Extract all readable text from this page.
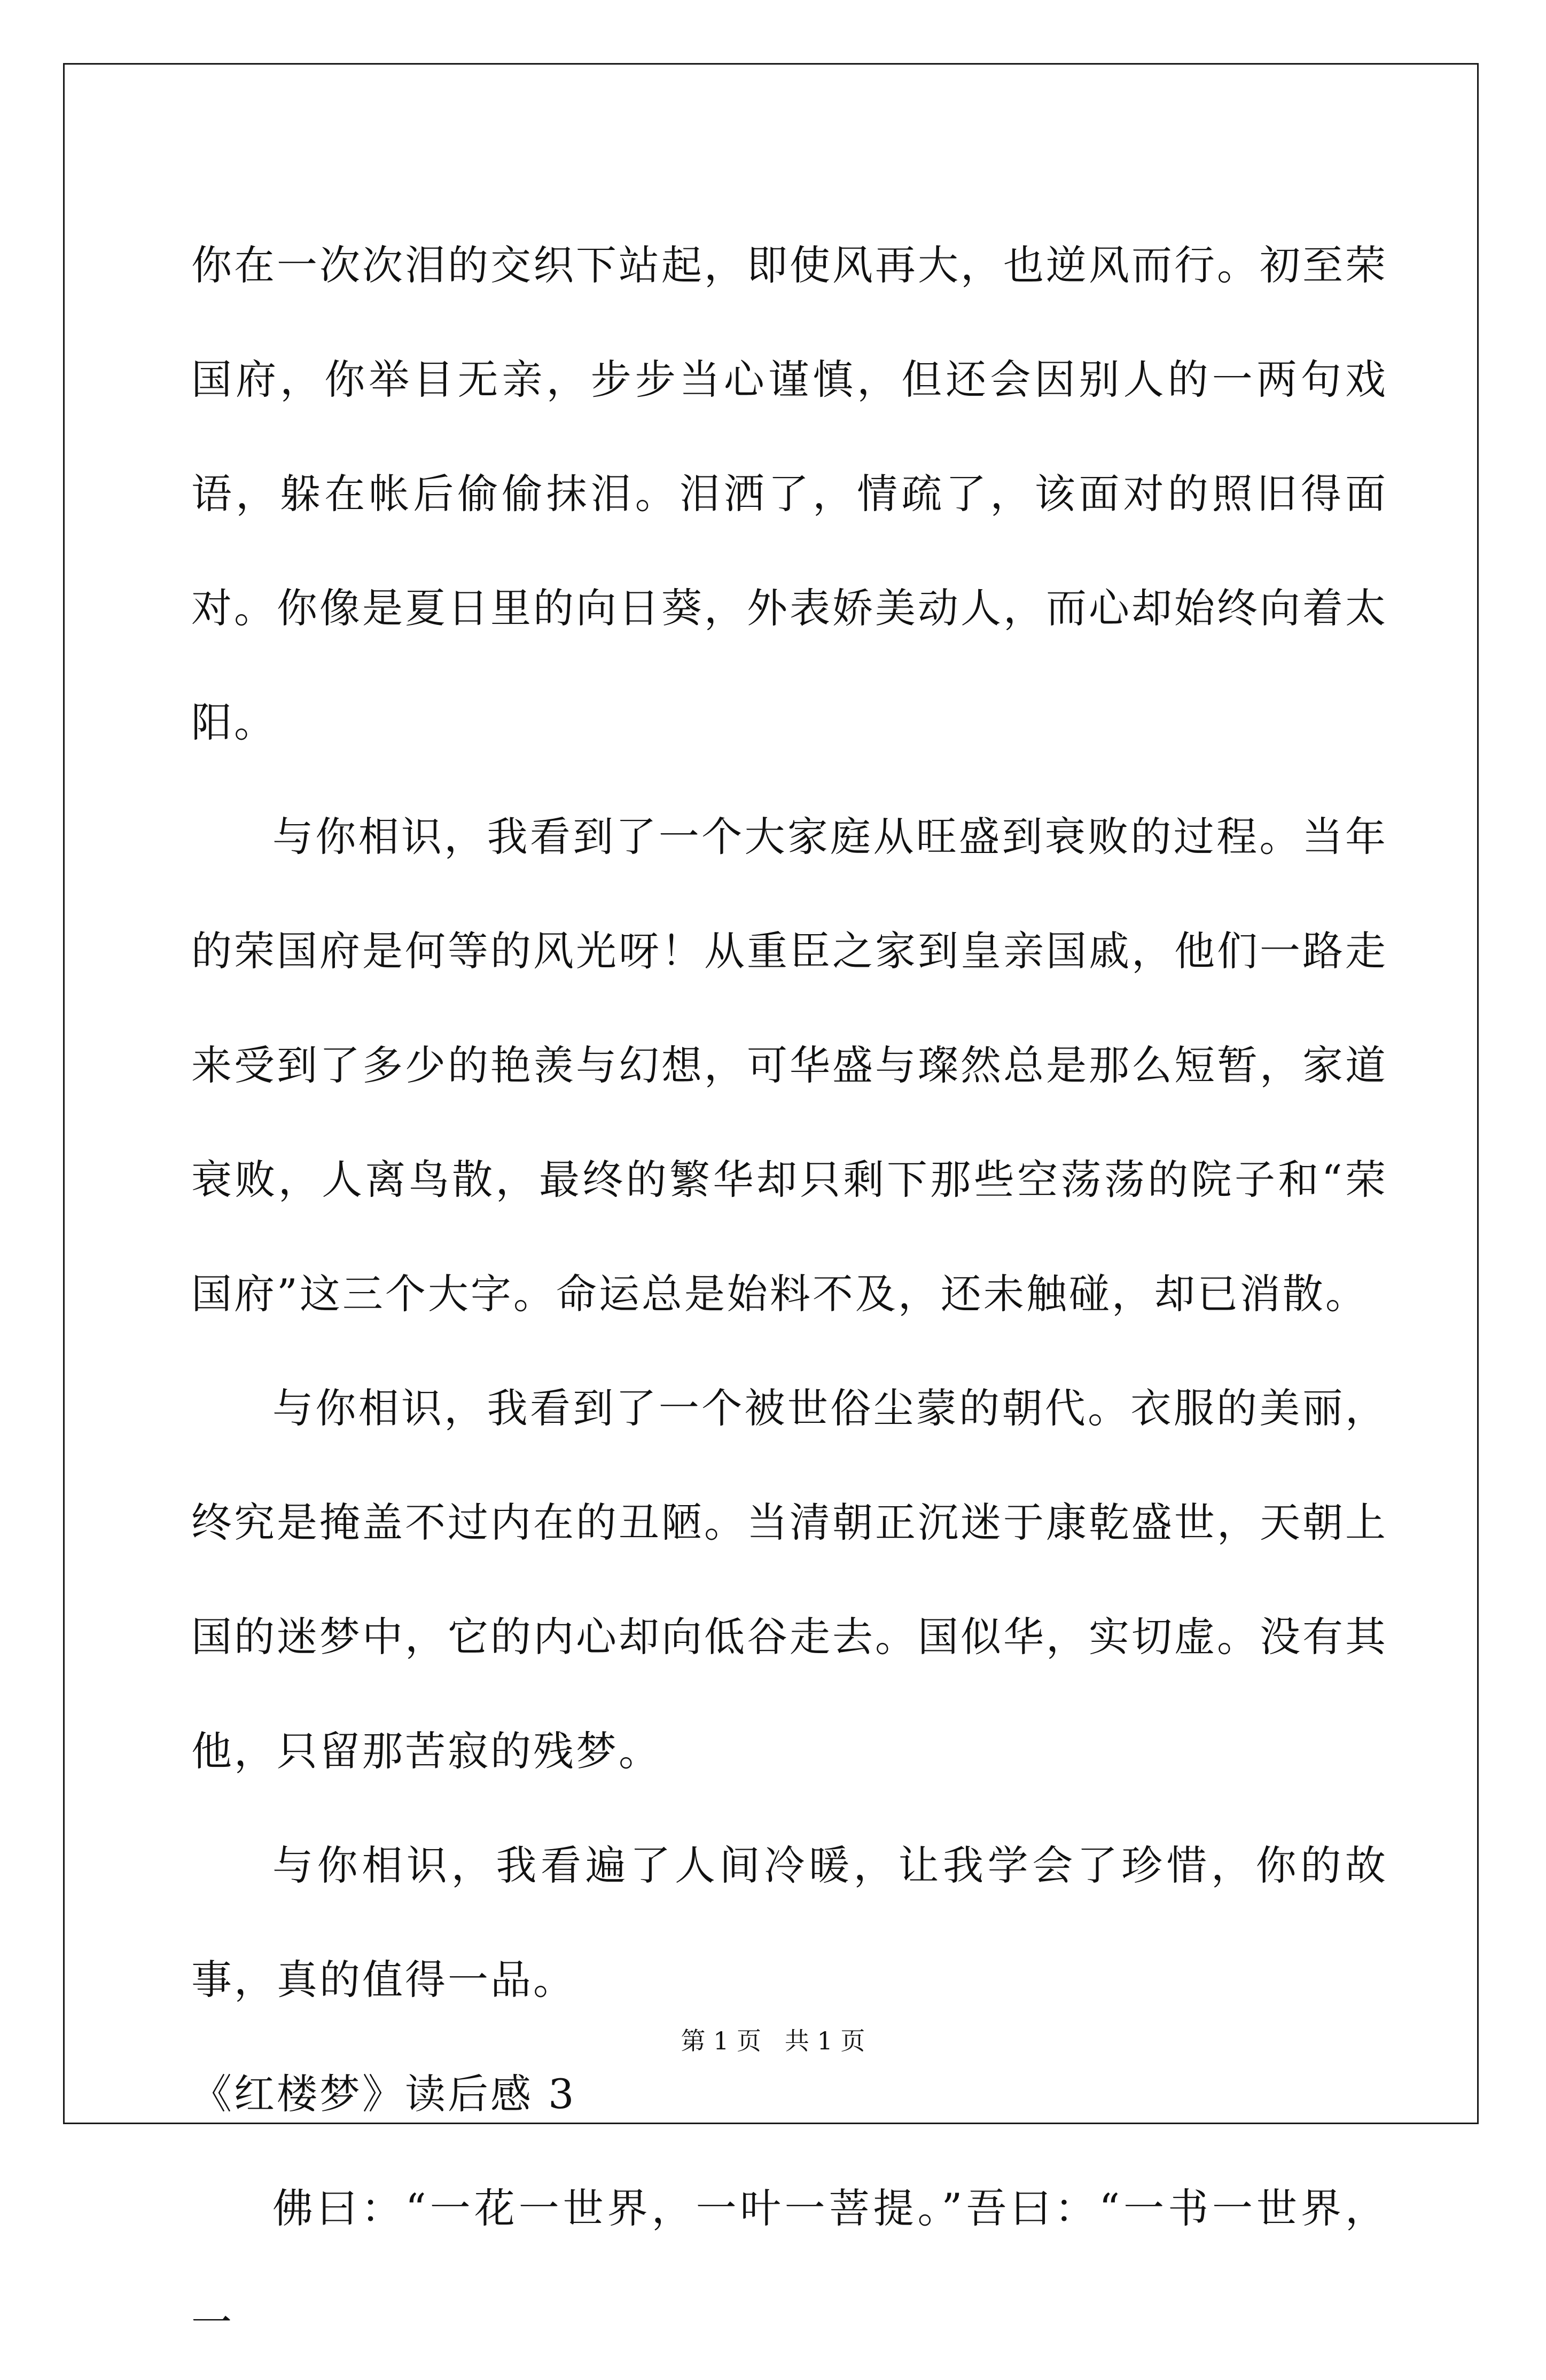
你在一次次泪的交织下站起，即使风再大，也逆风而行。初至荣国府，你举目无亲，步步当心谨慎，但还会因别人的一两句戏语，躲在帐后偷偷抹泪。泪洒了，情疏了，该面对的照旧得面对。你像是夏日里的向日葵，外表娇美动人，而心却始终向着太阳。

与你相识，我看到了一个大家庭从旺盛到衰败的过程。当年的荣国府是何等的风光呀！从重臣之家到皇亲国戚，他们一路走来受到了多少的艳羡与幻想，可华盛与璨然总是那么短暂，家道衰败，人离鸟散，最终的繁华却只剩下那些空荡荡的院子和“荣国府”这三个大字。命运总是始料不及，还未触碰，却已消散。

与你相识，我看到了一个被世俗尘蒙的朝代。衣服的美丽，终究是掩盖不过内在的丑陋。当清朝正沉迷于康乾盛世，天朝上国的迷梦中，它的内心却向低谷走去。国似华，实切虚。没有其他，只留那苦寂的残梦。

与你相识，我看遍了人间冷暖，让我学会了珍惜，你的故事，真的值得一品。

《红楼梦》读后感 3

佛曰：“一花一世界，一叶一菩提。”吾曰：“一书一世界，一

第 1 页   共 1 页
